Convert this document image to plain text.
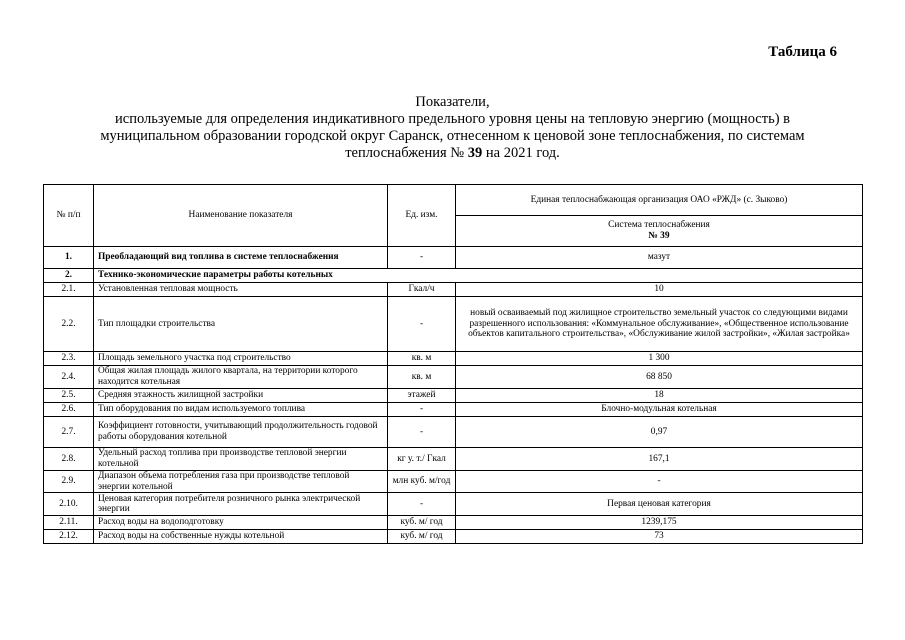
Таблица 6
Показатели,
используемые для определения индикативного предельного уровня цены на тепловую энергию (мощность) в
муниципальном образовании городской округ Саранск, отнесенном к ценовой зоне теплоснабжения, по системам
теплоснабжения № 39 на 2021 год.
№ п/п	Наименование показателя	Ед. изм.	Единая теплоснабжающая организация ОАО «РЖД» (с. Зыково)

			Система теплоснабжения
№ 39

1.	Преобладающий вид топлива в системе теплоснабжения	-	мазут
2.	Технико-экономические параметры работы котельных		
2.1.	Установленная тепловая мощность	Гкал/ч	10
2.2.	Тип площадки строительства	-	новый осваиваемый под жилищное строительство земельный участок со следующими видами разрешенного использования: «Коммунальное обслуживание», «Общественное использование объектов капитального строительства», «Обслуживание жилой застройки», «Жилая застройка»
2.3.	Площадь земельного участка под строительство	кв. м	1 300
2.4.	Общая жилая площадь жилого квартала, на территории которого находится котельная	кв. м	68 850
2.5.	Средняя этажность жилищной застройки	этажей	18
2.6.	Тип оборудования по видам используемого топлива	-	Блочно-модульная котельная
2.7.	Коэффициент готовности, учитывающий продолжительность годовой работы оборудования котельной	-	0,97
2.8.	Удельный расход топлива при производстве тепловой энергии котельной	кг у. т./ Гкал	167,1
2.9.	Диапазон объема потребления газа при производстве тепловой энергии котельной	млн куб. м/год	-
2.10.	Ценовая категория потребителя розничного рынка электрической энергии	-	Первая ценовая категория
2.11.	Расход воды на водоподготовку	куб. м/ год	1239,175
2.12.	Расход воды на собственные нужды котельной	куб. м/ год	73
